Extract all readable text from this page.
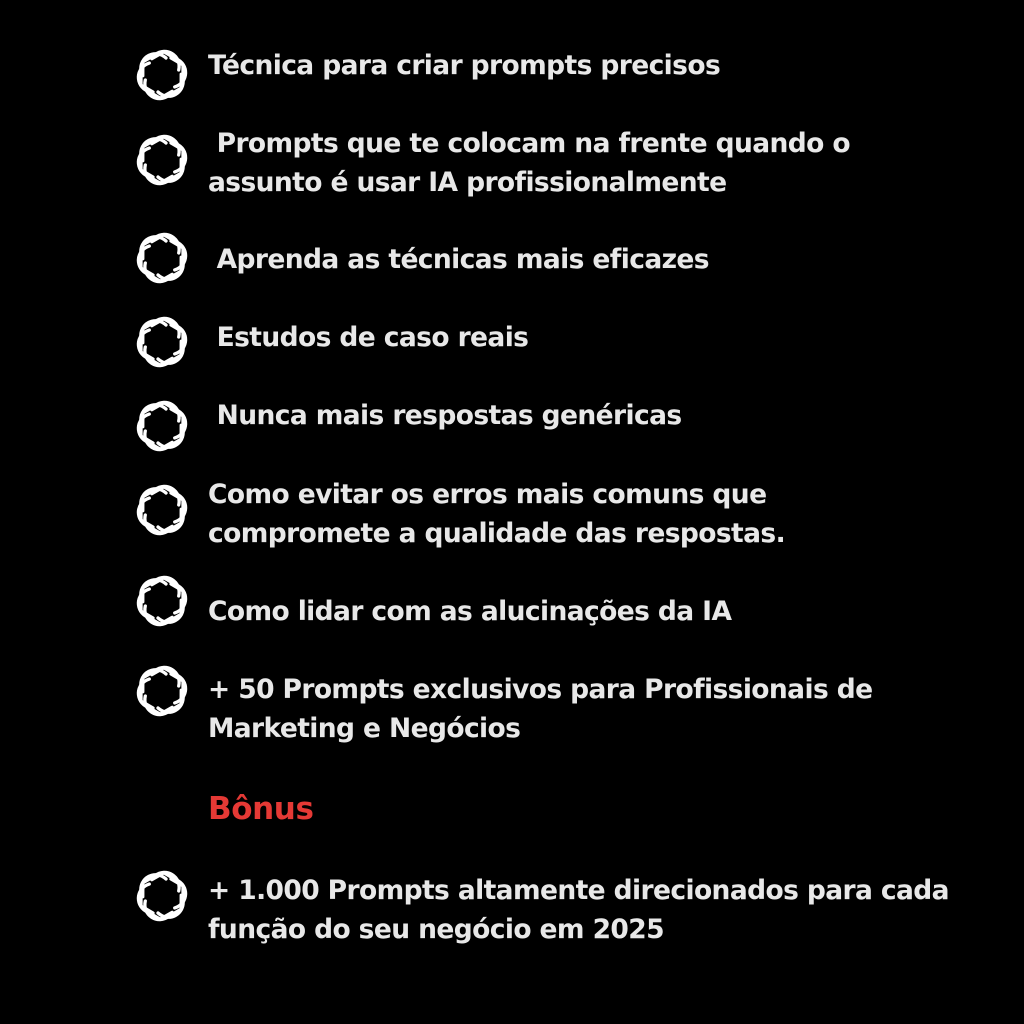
Técnica para criar prompts precisos
Prompts que te colocam na frente quando o
assunto é usar IA profissionalmente
Aprenda as técnicas mais eficazes
Estudos de caso reais
Nunca mais respostas genéricas
Como evitar os erros mais comuns que
compromete a qualidade das respostas.
Como lidar com as alucinações da IA
+ 50 Prompts exclusivos para Profissionais de
Marketing e Negócios
Bônus
+ 1.000 Prompts altamente direcionados para cada
função do seu negócio em 2025
